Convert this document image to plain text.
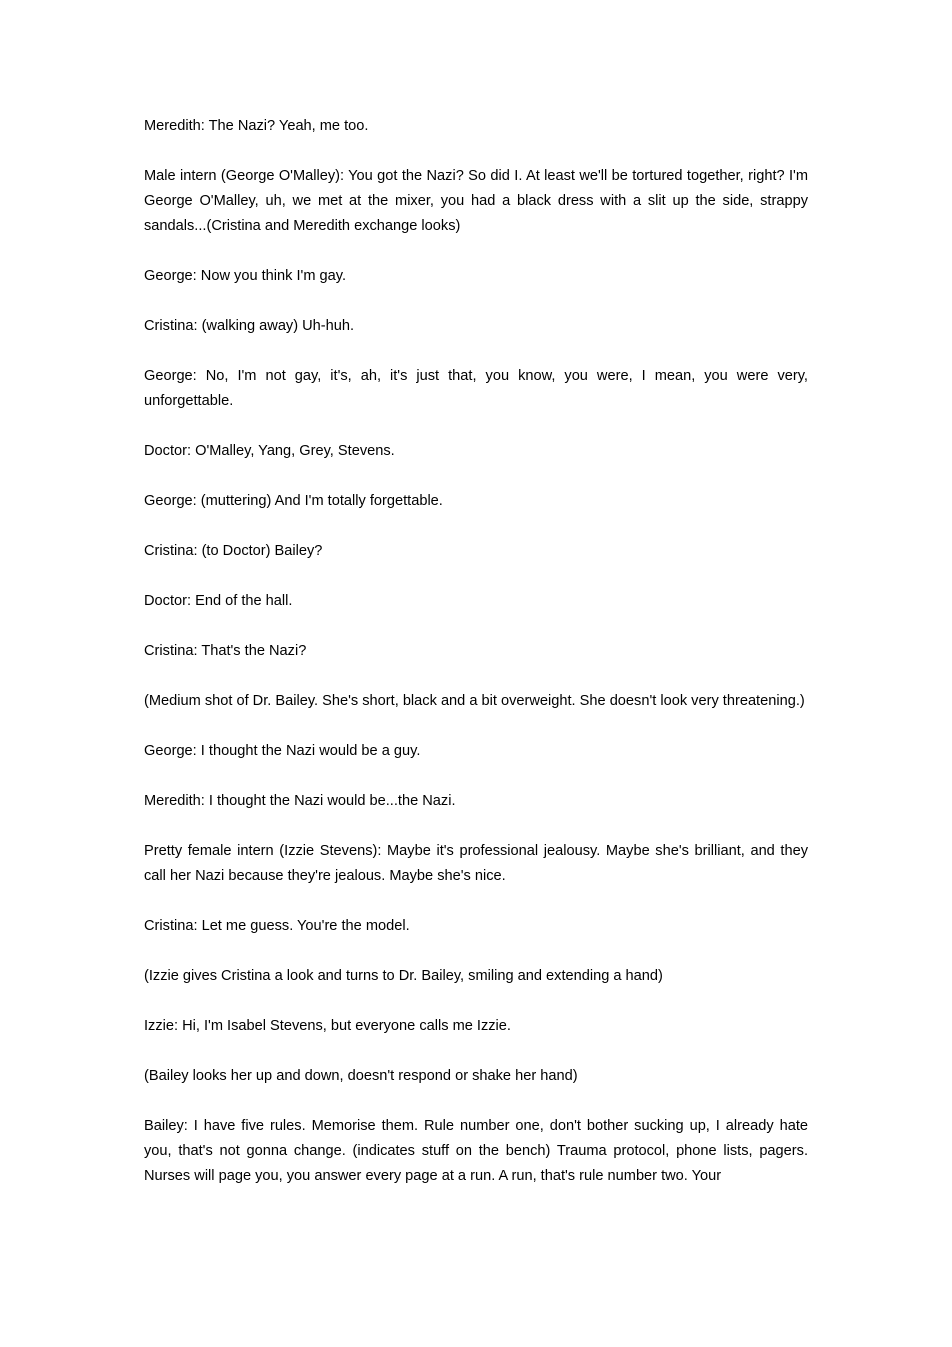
Meredith: The Nazi? Yeah, me too.

Male intern (George O'Malley): You got the Nazi? So did I. At least we'll be tortured together, right? I'm George O'Malley, uh, we met at the mixer, you had a black dress with a slit up the side, strappy sandals...(Cristina and Meredith exchange looks)

George: Now you think I'm gay.

Cristina: (walking away) Uh-huh.

George: No, I'm not gay, it's, ah, it's just that, you know, you were, I mean, you were very, unforgettable.

Doctor: O'Malley, Yang, Grey, Stevens.

George: (muttering) And I'm totally forgettable.

Cristina: (to Doctor) Bailey?

Doctor: End of the hall.

Cristina: That's the Nazi?

(Medium shot of Dr. Bailey. She's short, black and a bit overweight. She doesn't look very threatening.)

George: I thought the Nazi would be a guy.

Meredith: I thought the Nazi would be...the Nazi.

Pretty female intern (Izzie Stevens): Maybe it's professional jealousy. Maybe she's brilliant, and they call her Nazi because they're jealous. Maybe she's nice.

Cristina: Let me guess. You're the model.

(Izzie gives Cristina a look and turns to Dr. Bailey, smiling and extending a hand)

Izzie: Hi, I'm Isabel Stevens, but everyone calls me Izzie.

(Bailey looks her up and down, doesn't respond or shake her hand)

Bailey: I have five rules. Memorise them. Rule number one, don't bother sucking up, I already hate you, that's not gonna change. (indicates stuff on the bench) Trauma protocol, phone lists, pagers. Nurses will page you, you answer every page at a run. A run, that's rule number two. Your
